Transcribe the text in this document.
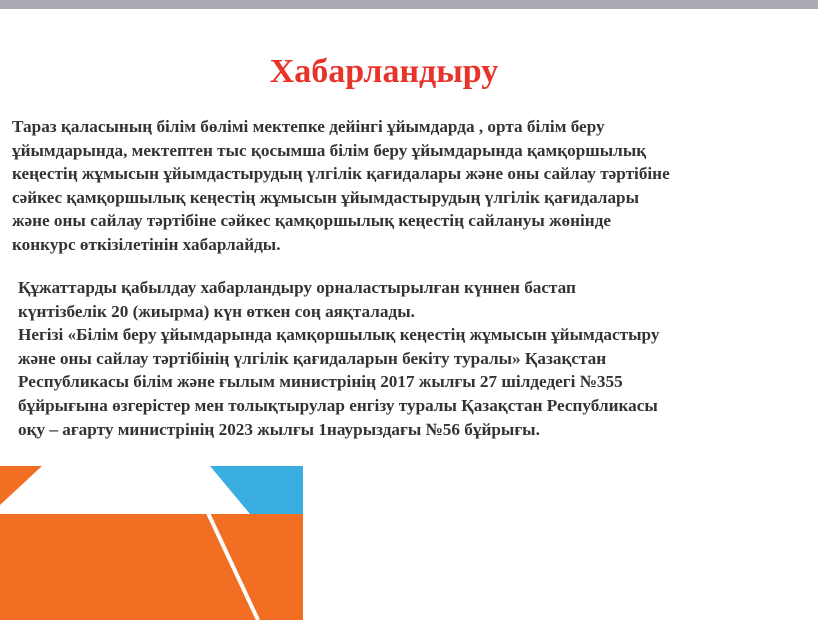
Хабарландыру
Тараз қаласының білім бөлімі мектепке дейінгі ұйымдарда , орта білім беру
ұйымдарында, мектептен тыс қосымша білім беру ұйымдарында қамқоршылық
кеңестің жұмысын ұйымдастырудың үлгілік қағидалары және оны сайлау тәртібіне
сәйкес қамқоршылық кеңестің жұмысын ұйымдастырудың үлгілік қағидалары
және оны сайлау тәртібіне сәйкес қамқоршылық кеңестің сайлануы жөнінде
конкурс өткізілетінін хабарлайды.
Құжаттарды қабылдау хабарландыру орналастырылған күннен бастап
күнтізбелік 20 (жиырма) күн өткен соң аяқталады.
Негізі «Білім беру ұйымдарында қамқоршылық кеңестің жұмысын ұйымдастыру
және оны сайлау тәртібінің үлгілік қағидаларын бекіту туралы» Қазақстан
Республикасы білім және ғылым министрінің 2017 жылғы 27 шілдедегі №355
бұйрығына өзгерістер мен толықтырулар енгізу туралы Қазақстан Республикасы
оқу – ағарту министрінің 2023 жылғы 1наурыздағы №56 бұйрығы.
